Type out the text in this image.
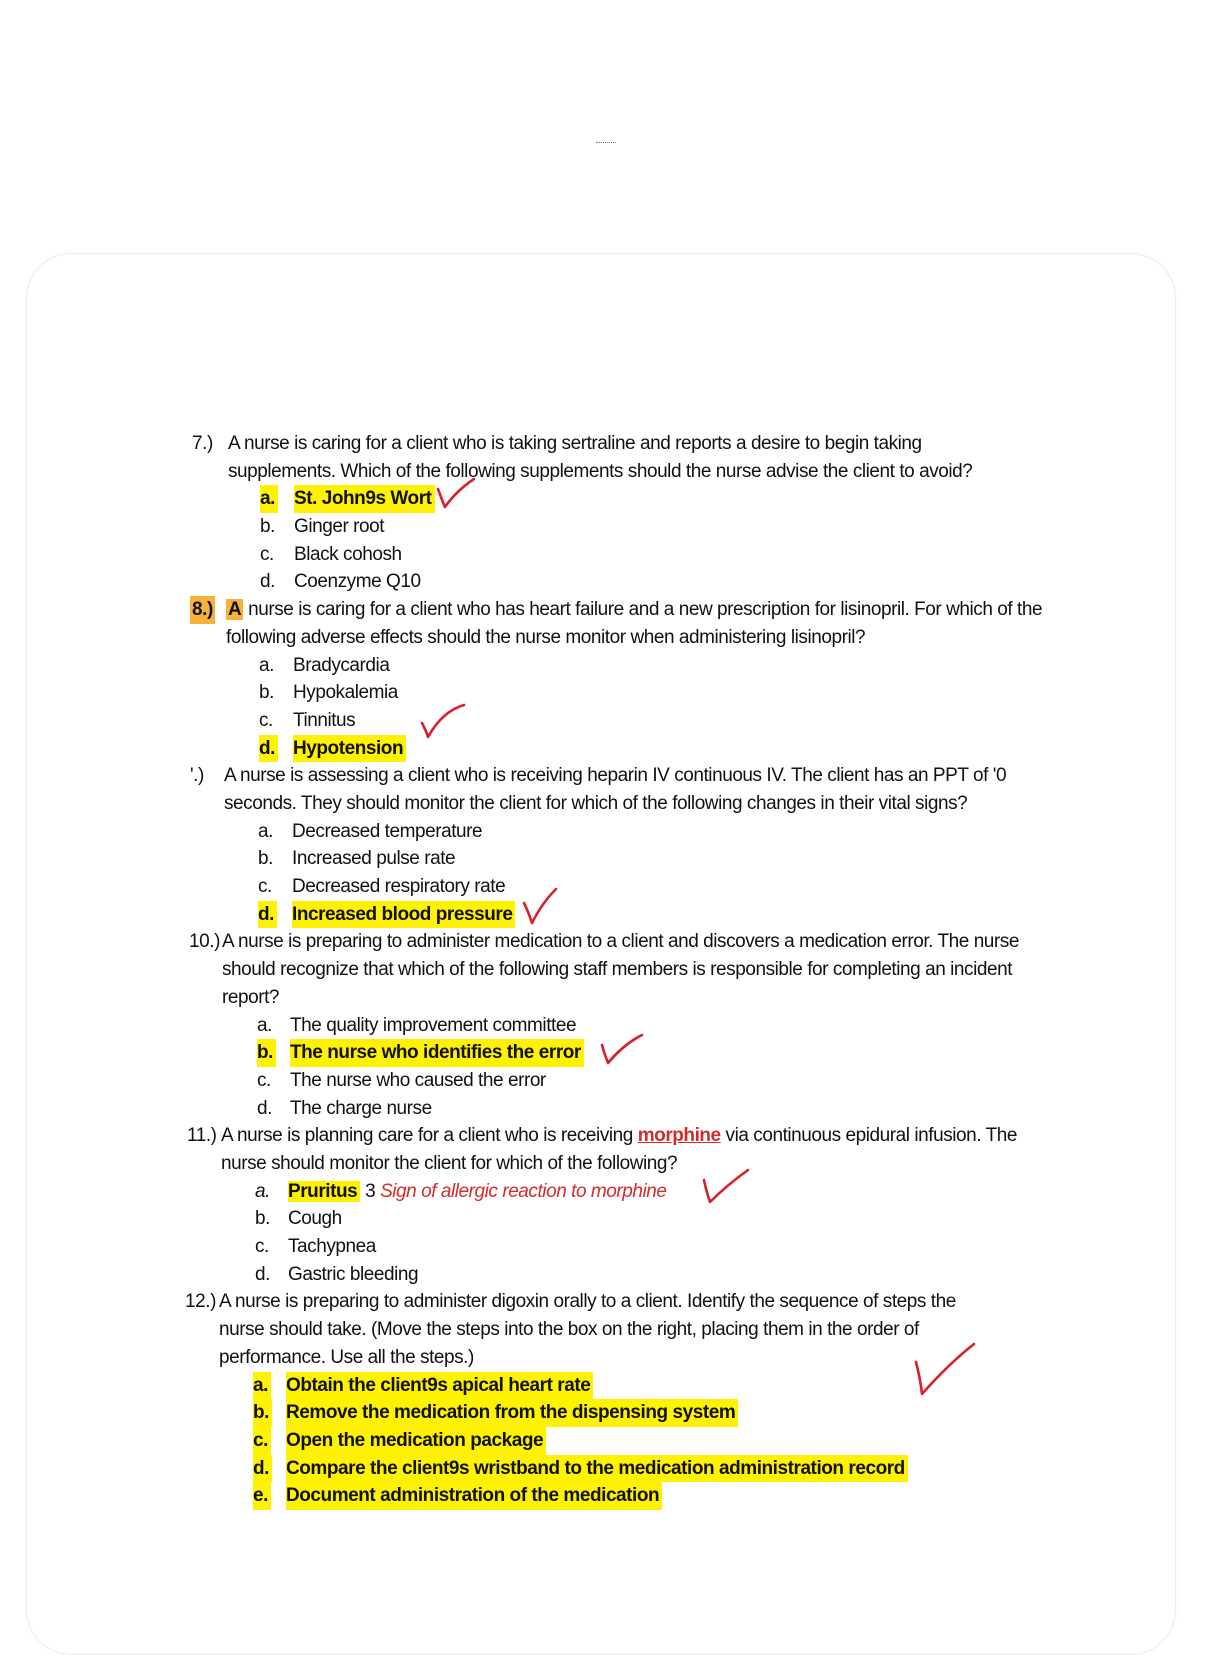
7.) A nurse is caring for a client who is taking sertraline and reports a desire to begin taking supplements. Which of the following supplements should the nurse advise the client to avoid?

a. St. John9s Wort
b. Ginger root
c. Black cohosh
d. Coenzyme Q10

8.) A nurse is caring for a client who has heart failure and a new prescription for lisinopril. For which of the following adverse effects should the nurse monitor when administering lisinopril?

a. Bradycardia
b. Hypokalemia
c. Tinnitus
d. Hypotension

'.) A nurse is assessing a client who is receiving heparin IV continuous IV. The client has an PPT of '0 seconds. They should monitor the client for which of the following changes in their vital signs?

a. Decreased temperature
b. Increased pulse rate
c. Decreased respiratory rate
d. Increased blood pressure

10.) A nurse is preparing to administer medication to a client and discovers a medication error. The nurse should recognize that which of the following staff members is responsible for completing an incident report?

a. The quality improvement committee
b. The nurse who identifies the error
c. The nurse who caused the error
d. The charge nurse

11.) A nurse is planning care for a client who is receiving morphine via continuous epidural infusion. The nurse should monitor the client for which of the following?

a. Pruritus 3 Sign of allergic reaction to morphine
b. Cough
c. Tachypnea
d. Gastric bleeding

12.) A nurse is preparing to administer digoxin orally to a client. Identify the sequence of steps the nurse should take. (Move the steps into the box on the right, placing them in the order of performance. Use all the steps.)

a. Obtain the client9s apical heart rate
b. Remove the medication from the dispensing system
c. Open the medication package
d. Compare the client9s wristband to the medication administration record
e. Document administration of the medication
